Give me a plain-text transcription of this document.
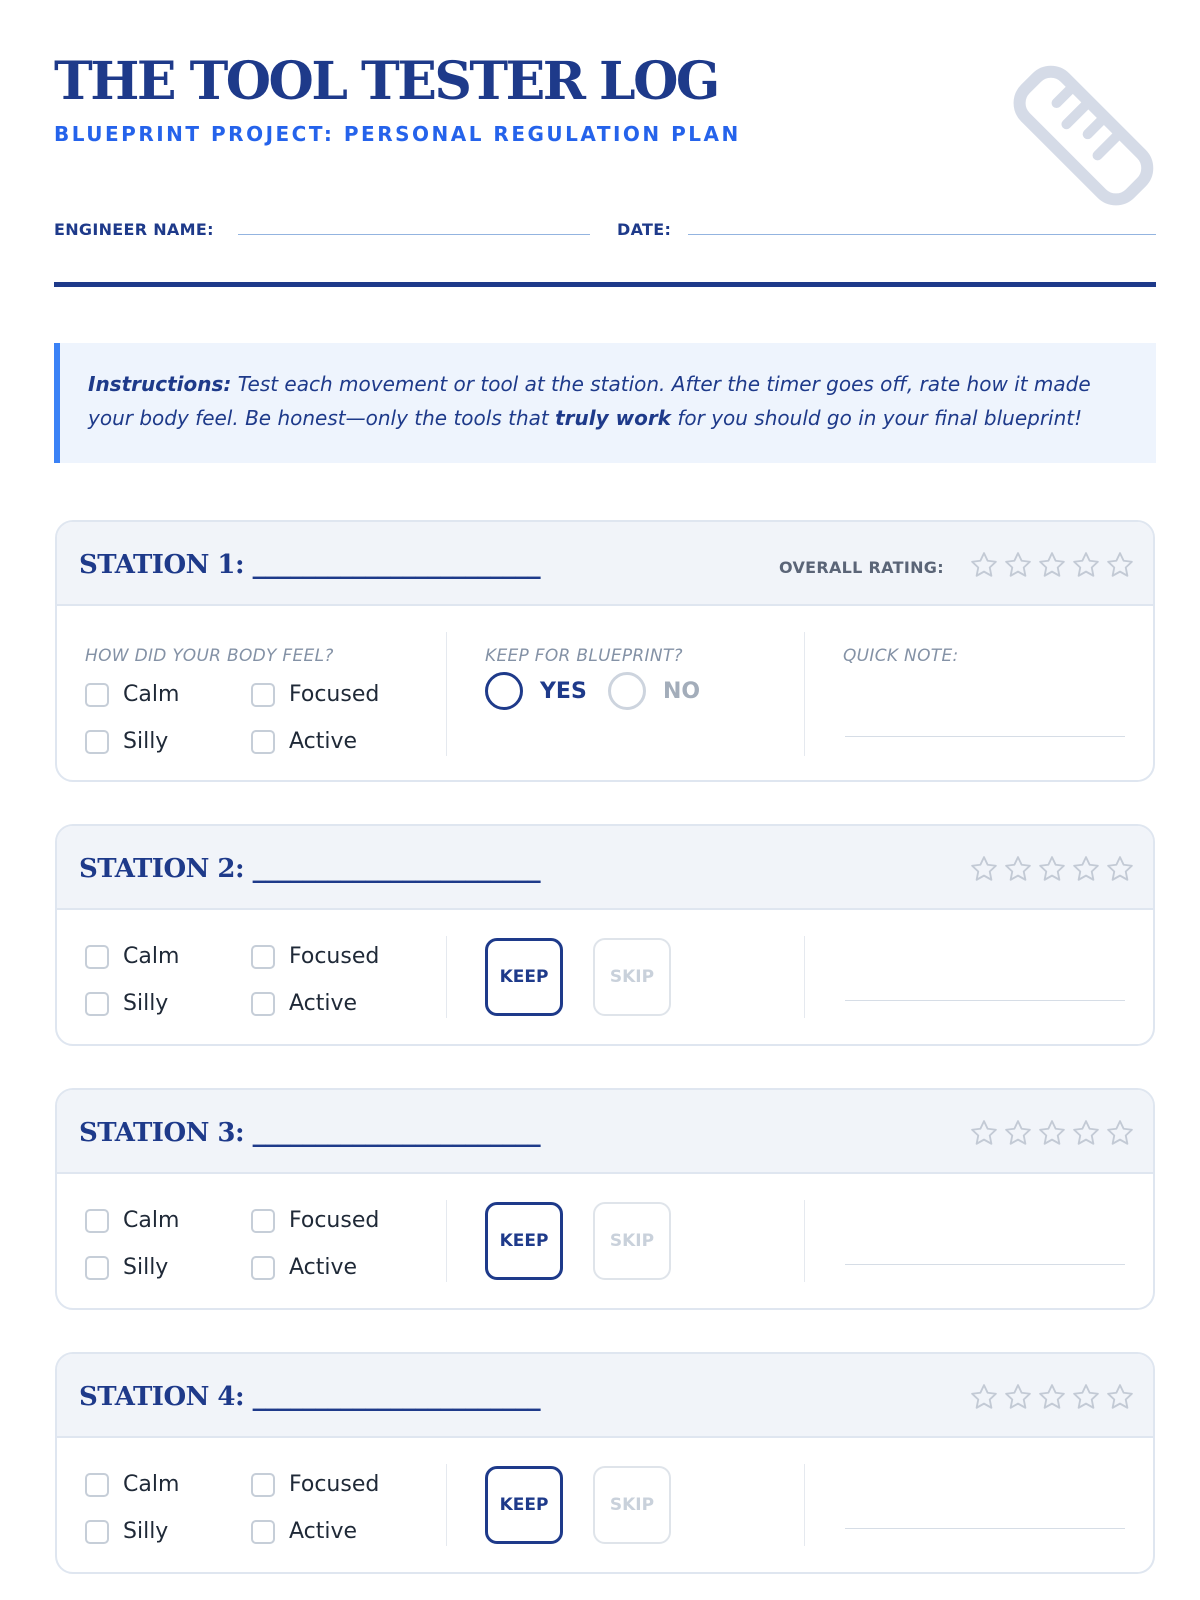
THE TOOL TESTER LOG
BLUEPRINT PROJECT: PERSONAL REGULATION PLAN
ENGINEER NAME:	DATE:
Instructions: Test each movement or tool at the station. After the timer goes off, rate how it made your body feel. Be honest—only the tools that truly work for you should go in your final blueprint!
STATION 1: _______________________	OVERALL RATING:
HOW DID YOUR BODY FEEL?	KEEP FOR BLUEPRINT?	QUICK NOTE:
Calm	Focused
Silly	Active
YES	NO
STATION 2: _______________________
Calm	Focused
Silly	Active
KEEP	SKIP
STATION 3: _______________________
Calm	Focused
Silly	Active
KEEP	SKIP
STATION 4: _______________________
Calm	Focused
Silly	Active
KEEP	SKIP
